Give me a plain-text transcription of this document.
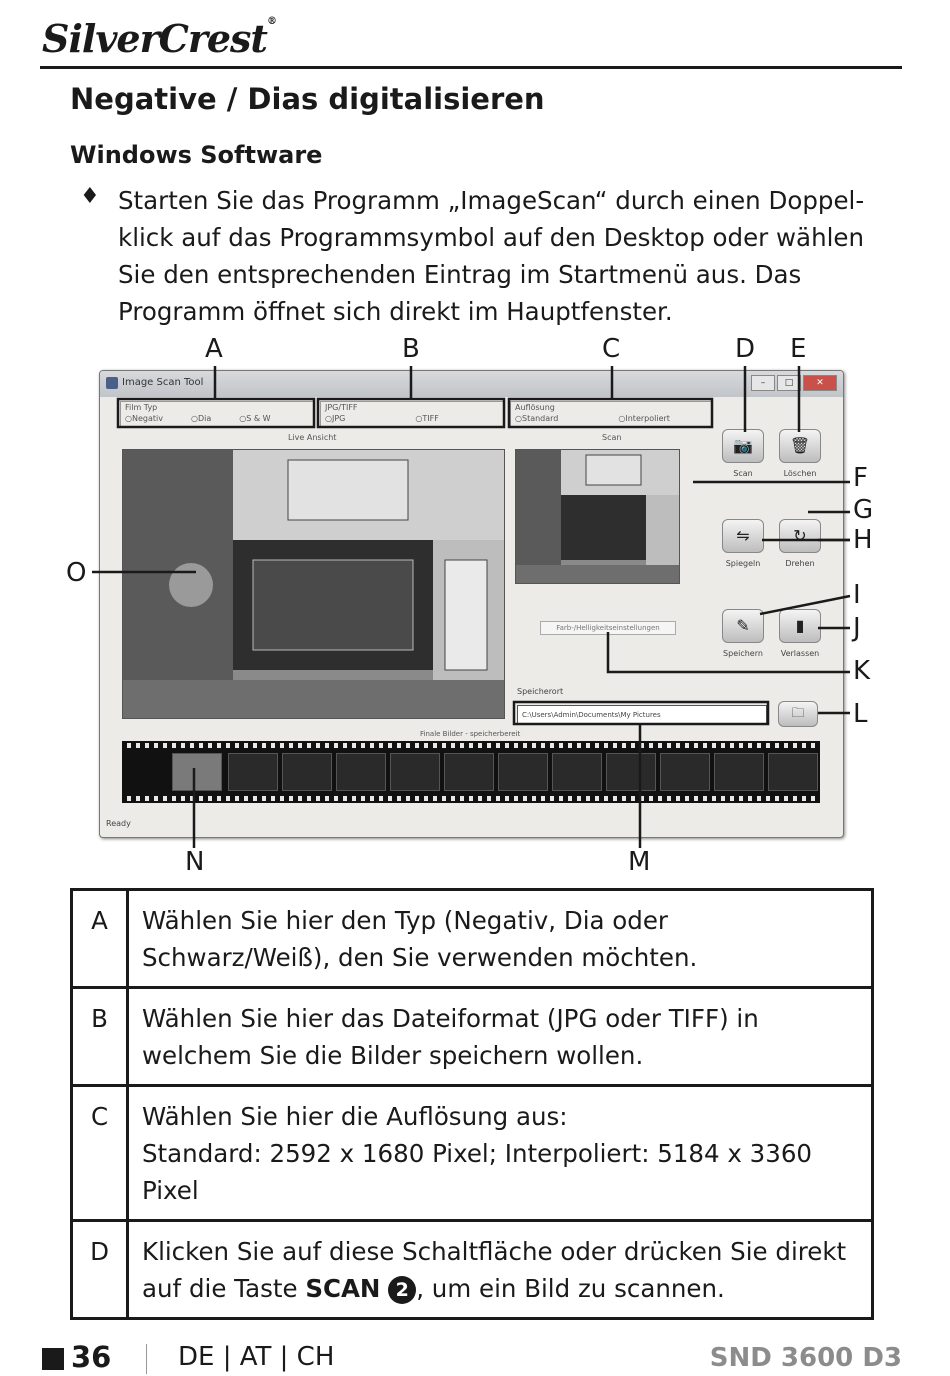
SilverCrest®
Negative / Dias digitalisieren
Windows Software
♦ Starten Sie das Programm „ImageScan“ durch einen Doppel-klick auf das Programmsymbol auf den Desktop oder wählen Sie den entsprechenden Eintrag im Startmenü aus. Das Programm öffnet sich direkt im Hauptfenster.
A	B	C	D E
F
G
H
I
J
K
L
M
N
O
Image Scan Tool	–	□	✕
Film Typ
○ Negativ	○ Dia	○ S & W
JPG/TIFF
○ JPG	○ TIFF
Auflösung
○ Standard	○ Interpoliert
Live Ansicht	Scan	📷
Scan
🗑
Löschen
⇋
Spiegeln
↻
Drehen
✎
Speichern
▮
Verlassen
Farb-/Helligkeitseinstellungen
Speicherort
C:\Users\Admin\Documents\My Pictures	🗀
Finale Bilder - speicherbereit
Ready
A	Wählen Sie hier den Typ (Negativ, Dia oder Schwarz/Weiß), den Sie verwenden möchten.
B	Wählen Sie hier das Dateiformat (JPG oder TIFF) in welchem Sie die Bilder speichern wollen.
C	Wählen Sie hier die Auflösung aus:
Standard: 2592 x 1680 Pixel; Interpoliert: 5184 x 3360 Pixel

D	Klicken Sie auf diese Schaltfläche oder drücken Sie direkt auf die Taste SCAN 2 , um ein Bild zu scannen.
36	DE | AT | CH	SND 3600 D3
